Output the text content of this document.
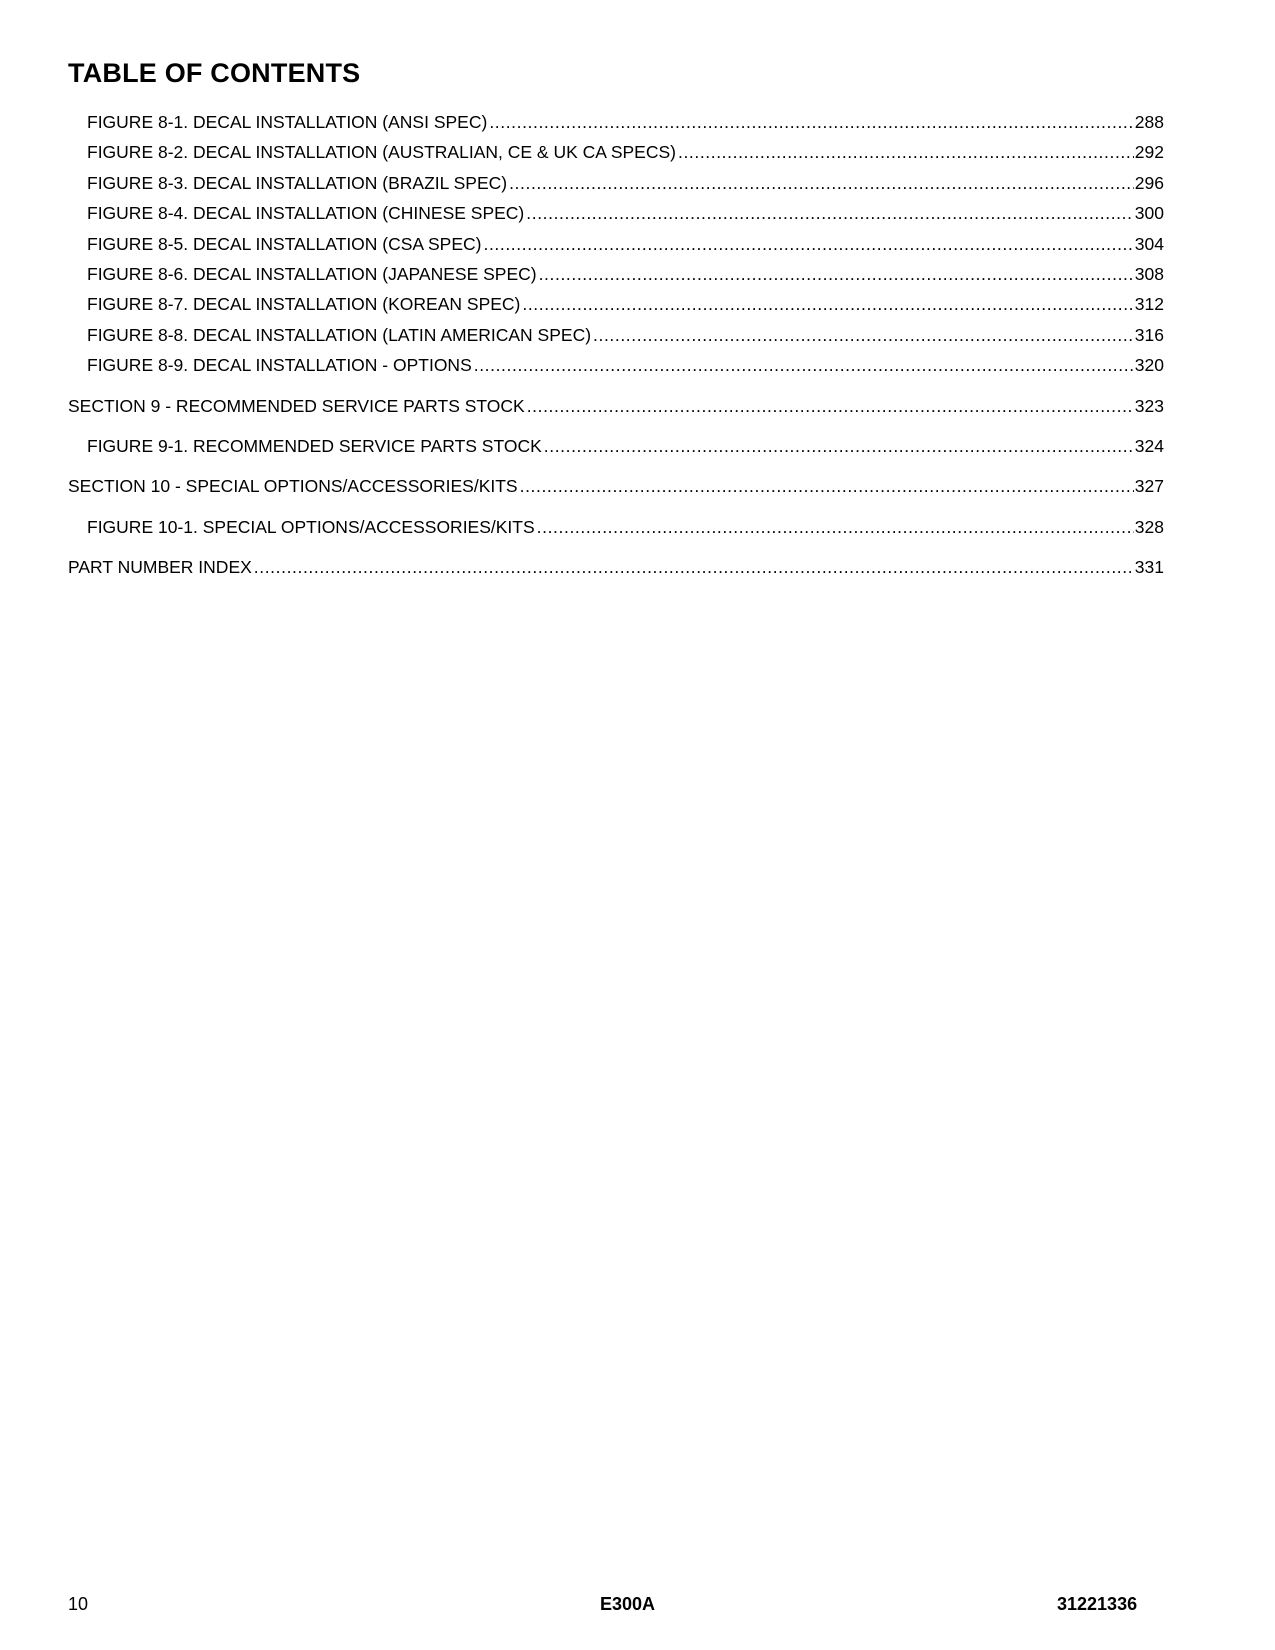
TABLE OF CONTENTS
FIGURE 8-1. DECAL INSTALLATION (ANSI SPEC) .....	288
FIGURE 8-2. DECAL INSTALLATION (AUSTRALIAN, CE & UK CA SPECS) .....	292
FIGURE 8-3. DECAL INSTALLATION (BRAZIL SPEC) .....	296
FIGURE 8-4. DECAL INSTALLATION (CHINESE SPEC) .....	300
FIGURE 8-5. DECAL INSTALLATION (CSA SPEC) .....	304
FIGURE 8-6. DECAL INSTALLATION (JAPANESE SPEC) .....	308
FIGURE 8-7. DECAL INSTALLATION (KOREAN SPEC) .....	312
FIGURE 8-8. DECAL INSTALLATION (LATIN AMERICAN SPEC) .....	316
FIGURE 8-9. DECAL INSTALLATION - OPTIONS .....	320
SECTION 9 - RECOMMENDED SERVICE PARTS STOCK .....	323
FIGURE 9-1. RECOMMENDED SERVICE PARTS STOCK .....	324
SECTION 10 - SPECIAL OPTIONS/ACCESSORIES/KITS .....	327
FIGURE 10-1. SPECIAL OPTIONS/ACCESSORIES/KITS .....	328
PART NUMBER INDEX .....	331
10	E300A	31221336
